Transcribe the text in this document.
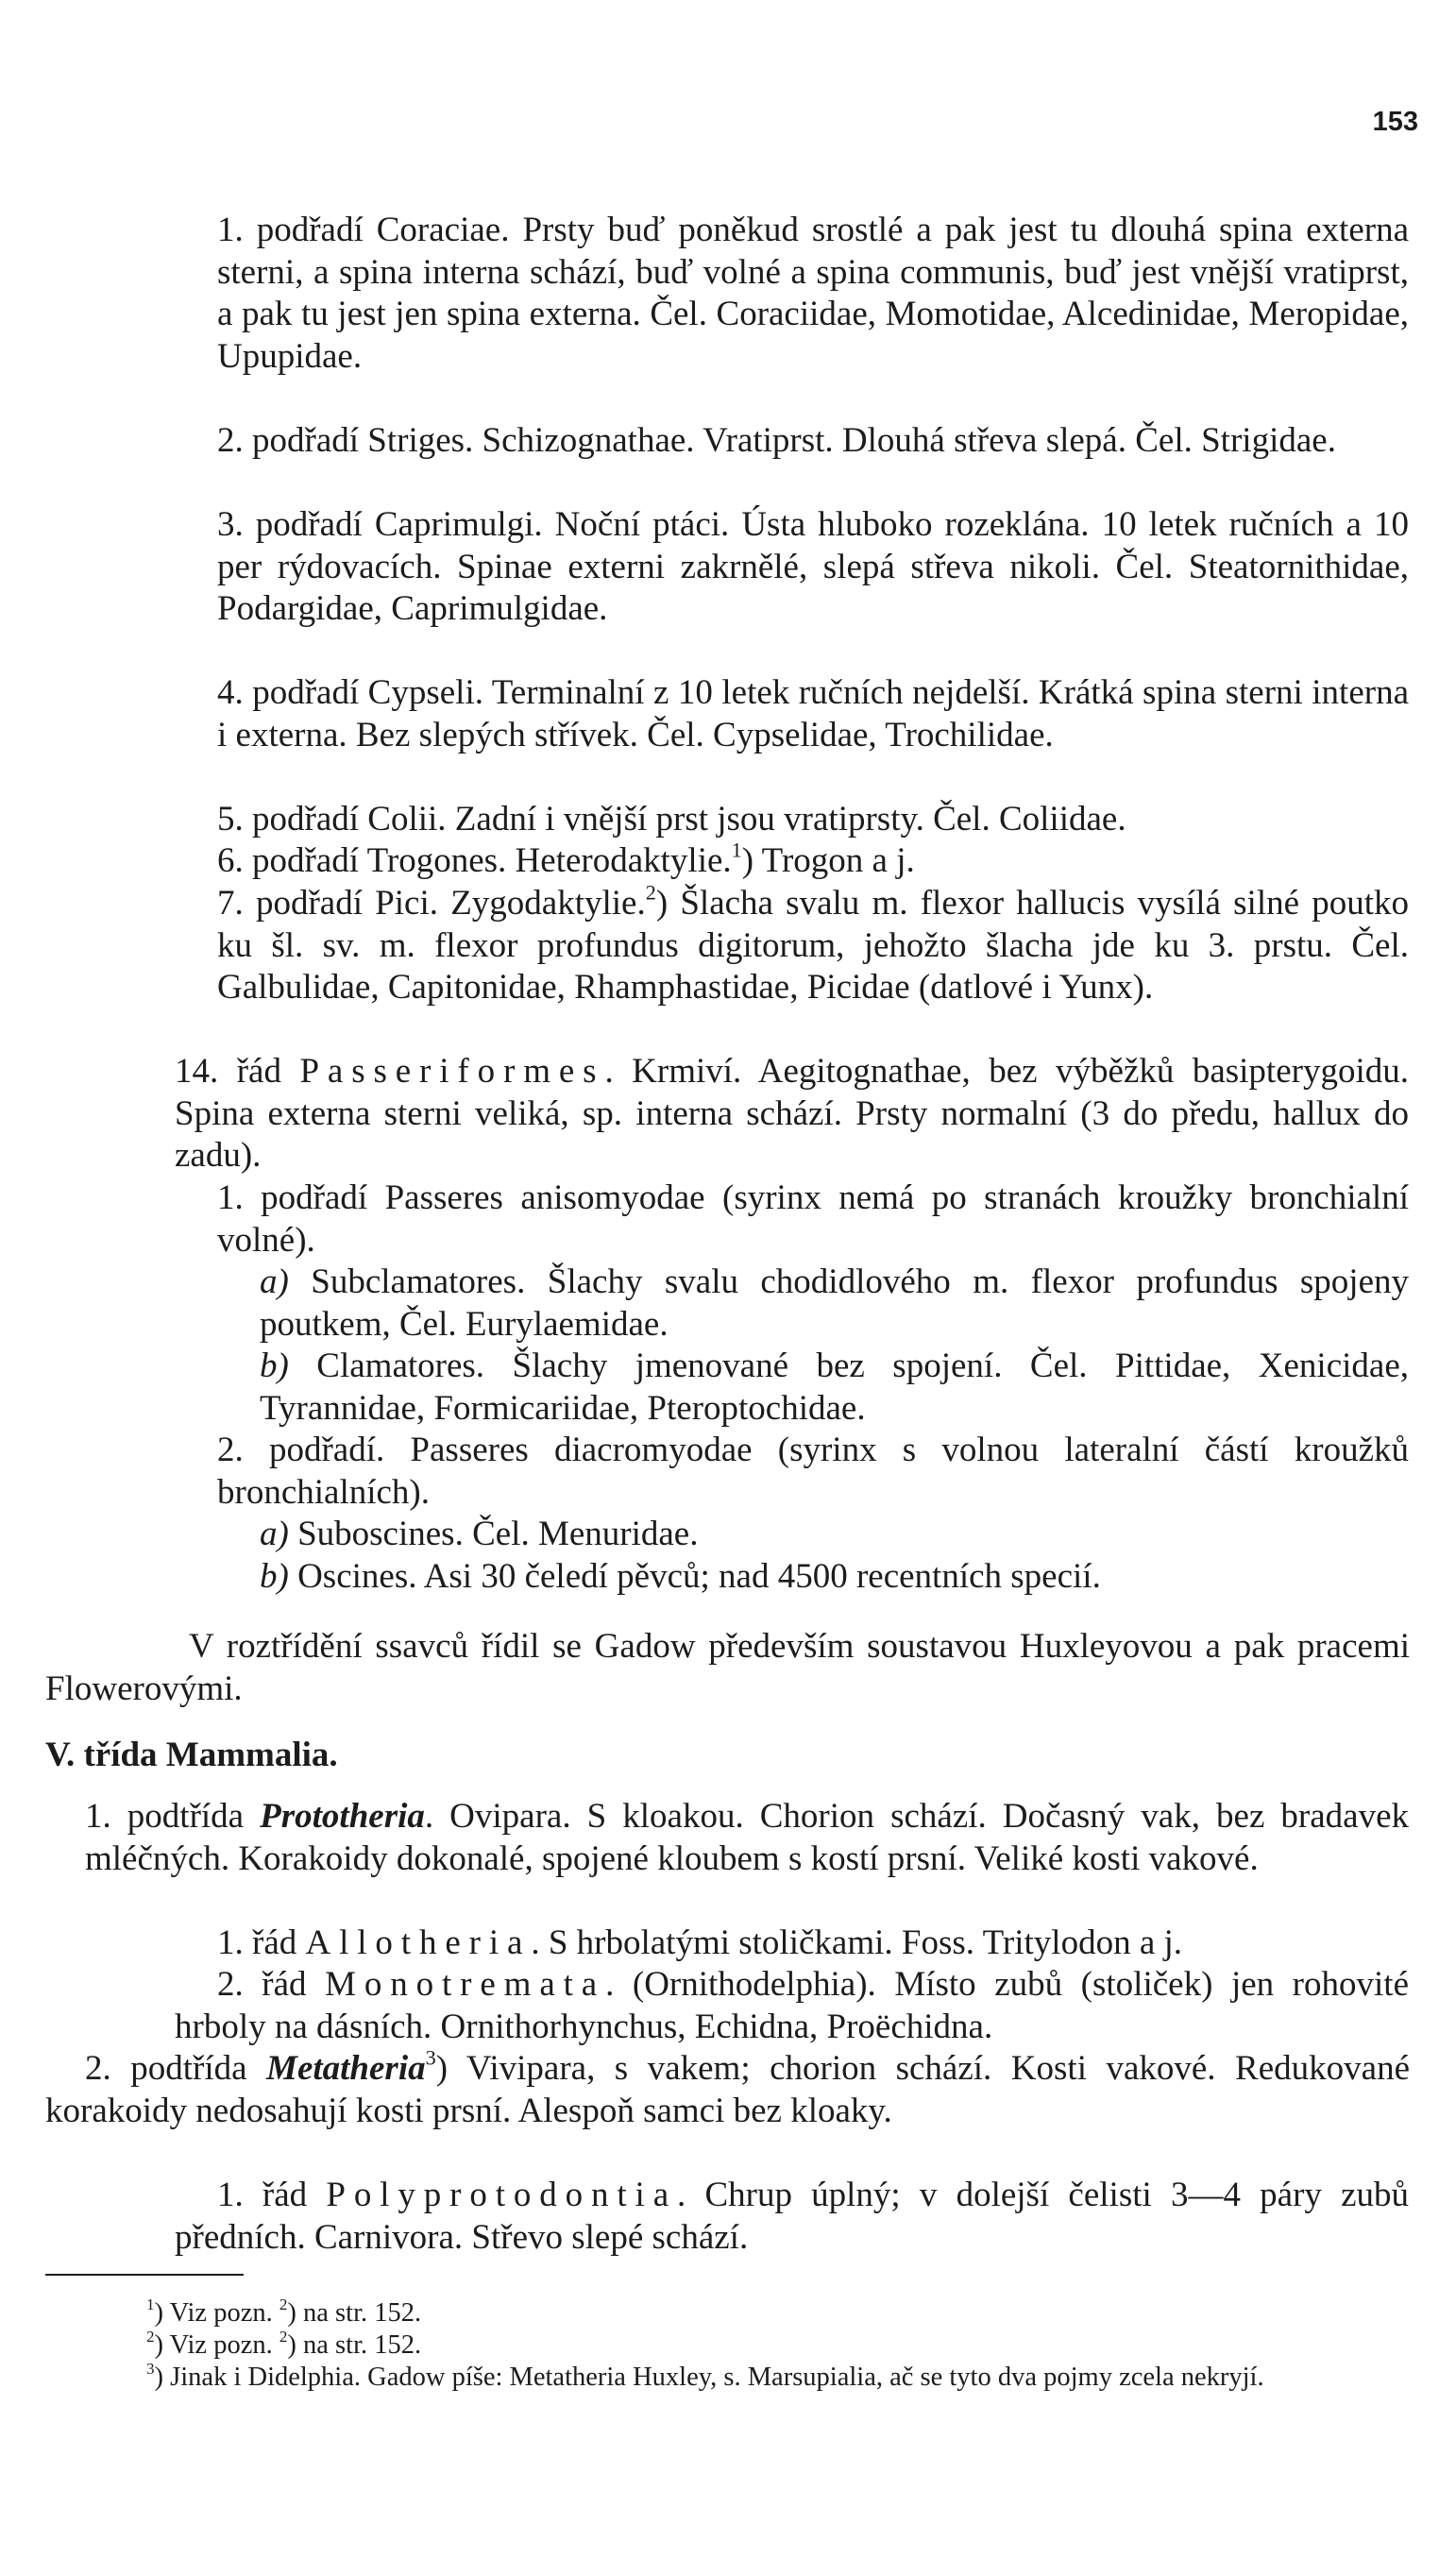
153

1. podřadí Coraciae. Prsty buď poněkud srostlé a pak jest tu dlouhá spina externa sterni, a spina interna schází, buď volné a spina communis, buď jest vnější vratiprst, a pak tu jest jen spina externa. Čel. Coraciidae, Momotidae, Alcedinidae, Meropidae, Upupidae.

2. podřadí Striges. Schizognathae. Vratiprst. Dlouhá střeva slepá. Čel. Strigidae.

3. podřadí Caprimulgi. Noční ptáci. Ústa hluboko rozeklána. 10 letek ručních a 10 per rýdovacích. Spinae externi zakrnělé, slepá střeva nikoli. Čel. Steatornithidae, Podargidae, Caprimulgidae.

4. podřadí Cypseli. Terminalní z 10 letek ručních nejdelší. Krátká spina sterni interna i externa. Bez slepých střívek. Čel. Cypselidae, Trochilidae.

5. podřadí Colii. Zadní i vnější prst jsou vratiprsty. Čel. Coliidae.

6. podřadí Trogones. Heterodaktylie.$^1$) Trogon a j.

7. podřadí Pici. Zygodaktylie.$^2$) Šlacha svalu m. flexor hallucis vysílá silné poutko ku šl. sv. m. flexor profundus digitorum, jehožto šlacha jde ku 3. prstu. Čel. Galbulidae, Capitonidae, Rhamphastidae, Picidae (datlové i Yunx).

14. řád Passeriformes. Krmiví. Aegitognathae, bez výběžků basipterygoidu. Spina externa sterni veliká, sp. interna schází. Prsty normalní (3 do předu, hallux do zadu).

1. podřadí Passeres anisomyodae (syrinx nemá po stranách kroužky bronchialní volné).

a) Subclamatores. Šlachy svalu chodidlového m. flexor profundus spojeny poutkem, Čel. Eurylaemidae.

b) Clamatores. Šlachy jmenované bez spojení. Čel. Pittidae, Xenicidae, Tyrannidae, Formicariidae, Pteroptochidae.

2. podřadí. Passeres diacromyodae (syrinx s volnou lateralní částí kroužků bronchialních).

a) Suboscines. Čel. Menuridae.

b) Oscines. Asi 30 čeledí pěvců; nad 4500 recentních specií.

V roztřídění ssavců řídil se Gadow především soustavou Huxleyovou a pak pracemi Flowerovými.

V. třída Mammalia.

1. podtřída Prototheria. Ovipara. S kloakou. Chorion schází. Dočasný vak, bez bradavek mléčných. Korakoidy dokonalé, spojené kloubem s kostí prsní. Veliké kosti vakové.

1. řád Allotheria. S hrbolatými stoličkami. Foss. Tritylodon a j.

2. řád Monotremata. (Ornithodelphia). Místo zubů (stoliček) jen rohovité hrboly na dásních. Ornithorhynchus, Echidna, Proëchidna.

2. podtřída Metatheria$^3$) Vivipara, s vakem; chorion schází. Kosti vakové. Redukované korakoidy nedosahují kosti prsní. Alespoň samci bez kloaky.

1. řád Polyprotodontia. Chrup úplný; v dolejší čelisti 3—4 páry zubů předních. Carnivora. Střevo slepé schází.

$^1$) Viz pozn. $^2$) na str. 152.

$^2$) Viz pozn. $^2$) na str. 152.

$^3$) Jinak i Didelphia. Gadow píše: Metatheria Huxley, s. Marsupialia, ač se tyto dva pojmy zcela nekryjí.
